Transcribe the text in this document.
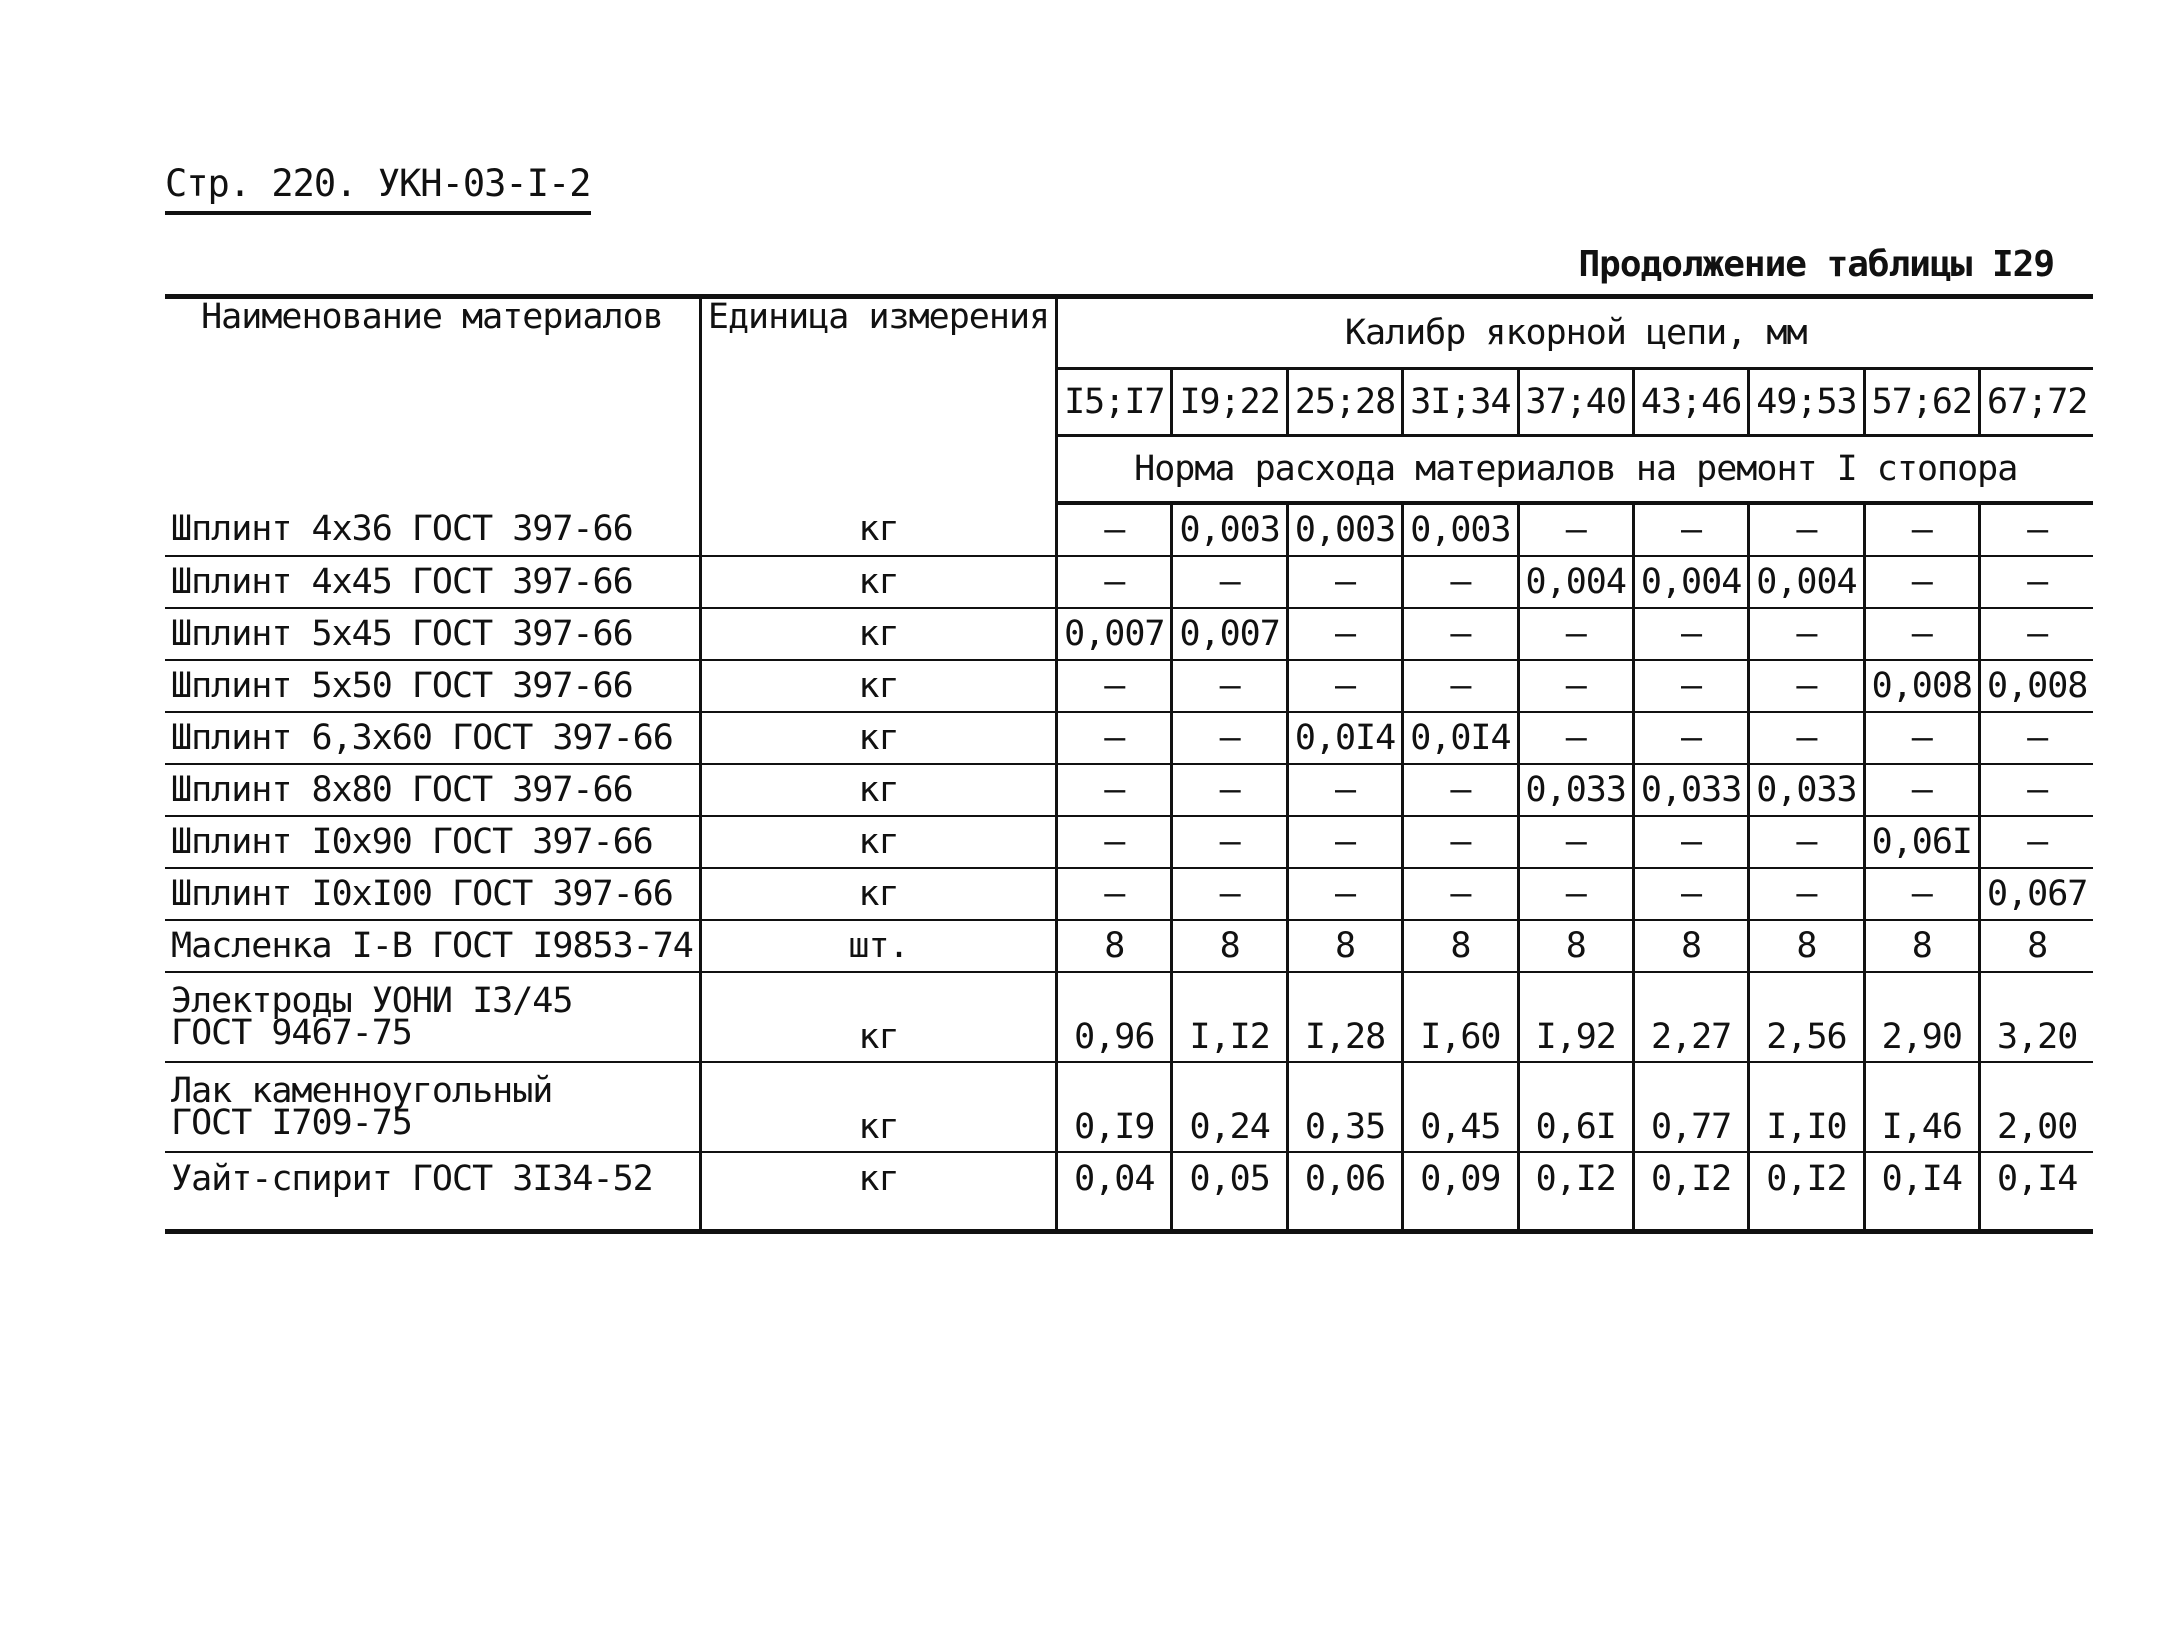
Стр. 220. УКН-03-I-2
Продолжение таблицы I29
Наименование материалов	Единица измерения	Калибр якорной цепи, мм								
		I5;I7	I9;22	25;28	3I;34	37;40	43;46	49;53	57;62	67;72
		Норма расхода материалов на ремонт I стопора								

Шплинт 4х36 ГОСТ 397-66	кг	–	0,003	0,003	0,003	–	–	–	–	–

Шплинт 4х45 ГОСТ 397-66	кг	–	–	–	–	0,004	0,004	0,004	–	–

Шплинт 5х45 ГОСТ 397-66	кг	0,007	0,007	–	–	–	–	–	–	–

Шплинт 5х50 ГОСТ 397-66	кг	–	–	–	–	–	–	–	0,008	0,008

Шплинт 6,3х60 ГОСТ 397-66	кг	–	–	0,0I4	0,0I4	–	–	–	–	–

Шплинт 8х80 ГОСТ 397-66	кг	–	–	–	–	0,033	0,033	0,033	–	–

Шплинт I0х90 ГОСТ 397-66	кг	–	–	–	–	–	–	–	0,06I	–

Шплинт I0хI00 ГОСТ 397-66	кг	–	–	–	–	–	–	–	–	0,067

Масленка I-В ГОСТ I9853-74	шт.	8	8	8	8	8	8	8	8	8

Электроды УОНИ I3/45
ГОСТ 9467-75	кг	0,96	I,I2	I,28	I,60	I,92	2,27	2,56	2,90	3,20

Лак каменноугольный
ГОСТ I709-75	кг	0,I9	0,24	0,35	0,45	0,6I	0,77	I,I0	I,46	2,00

Уайт-спирит ГОСТ 3I34-52	кг	0,04	0,05	0,06	0,09	0,I2	0,I2	0,I2	0,I4	0,I4
